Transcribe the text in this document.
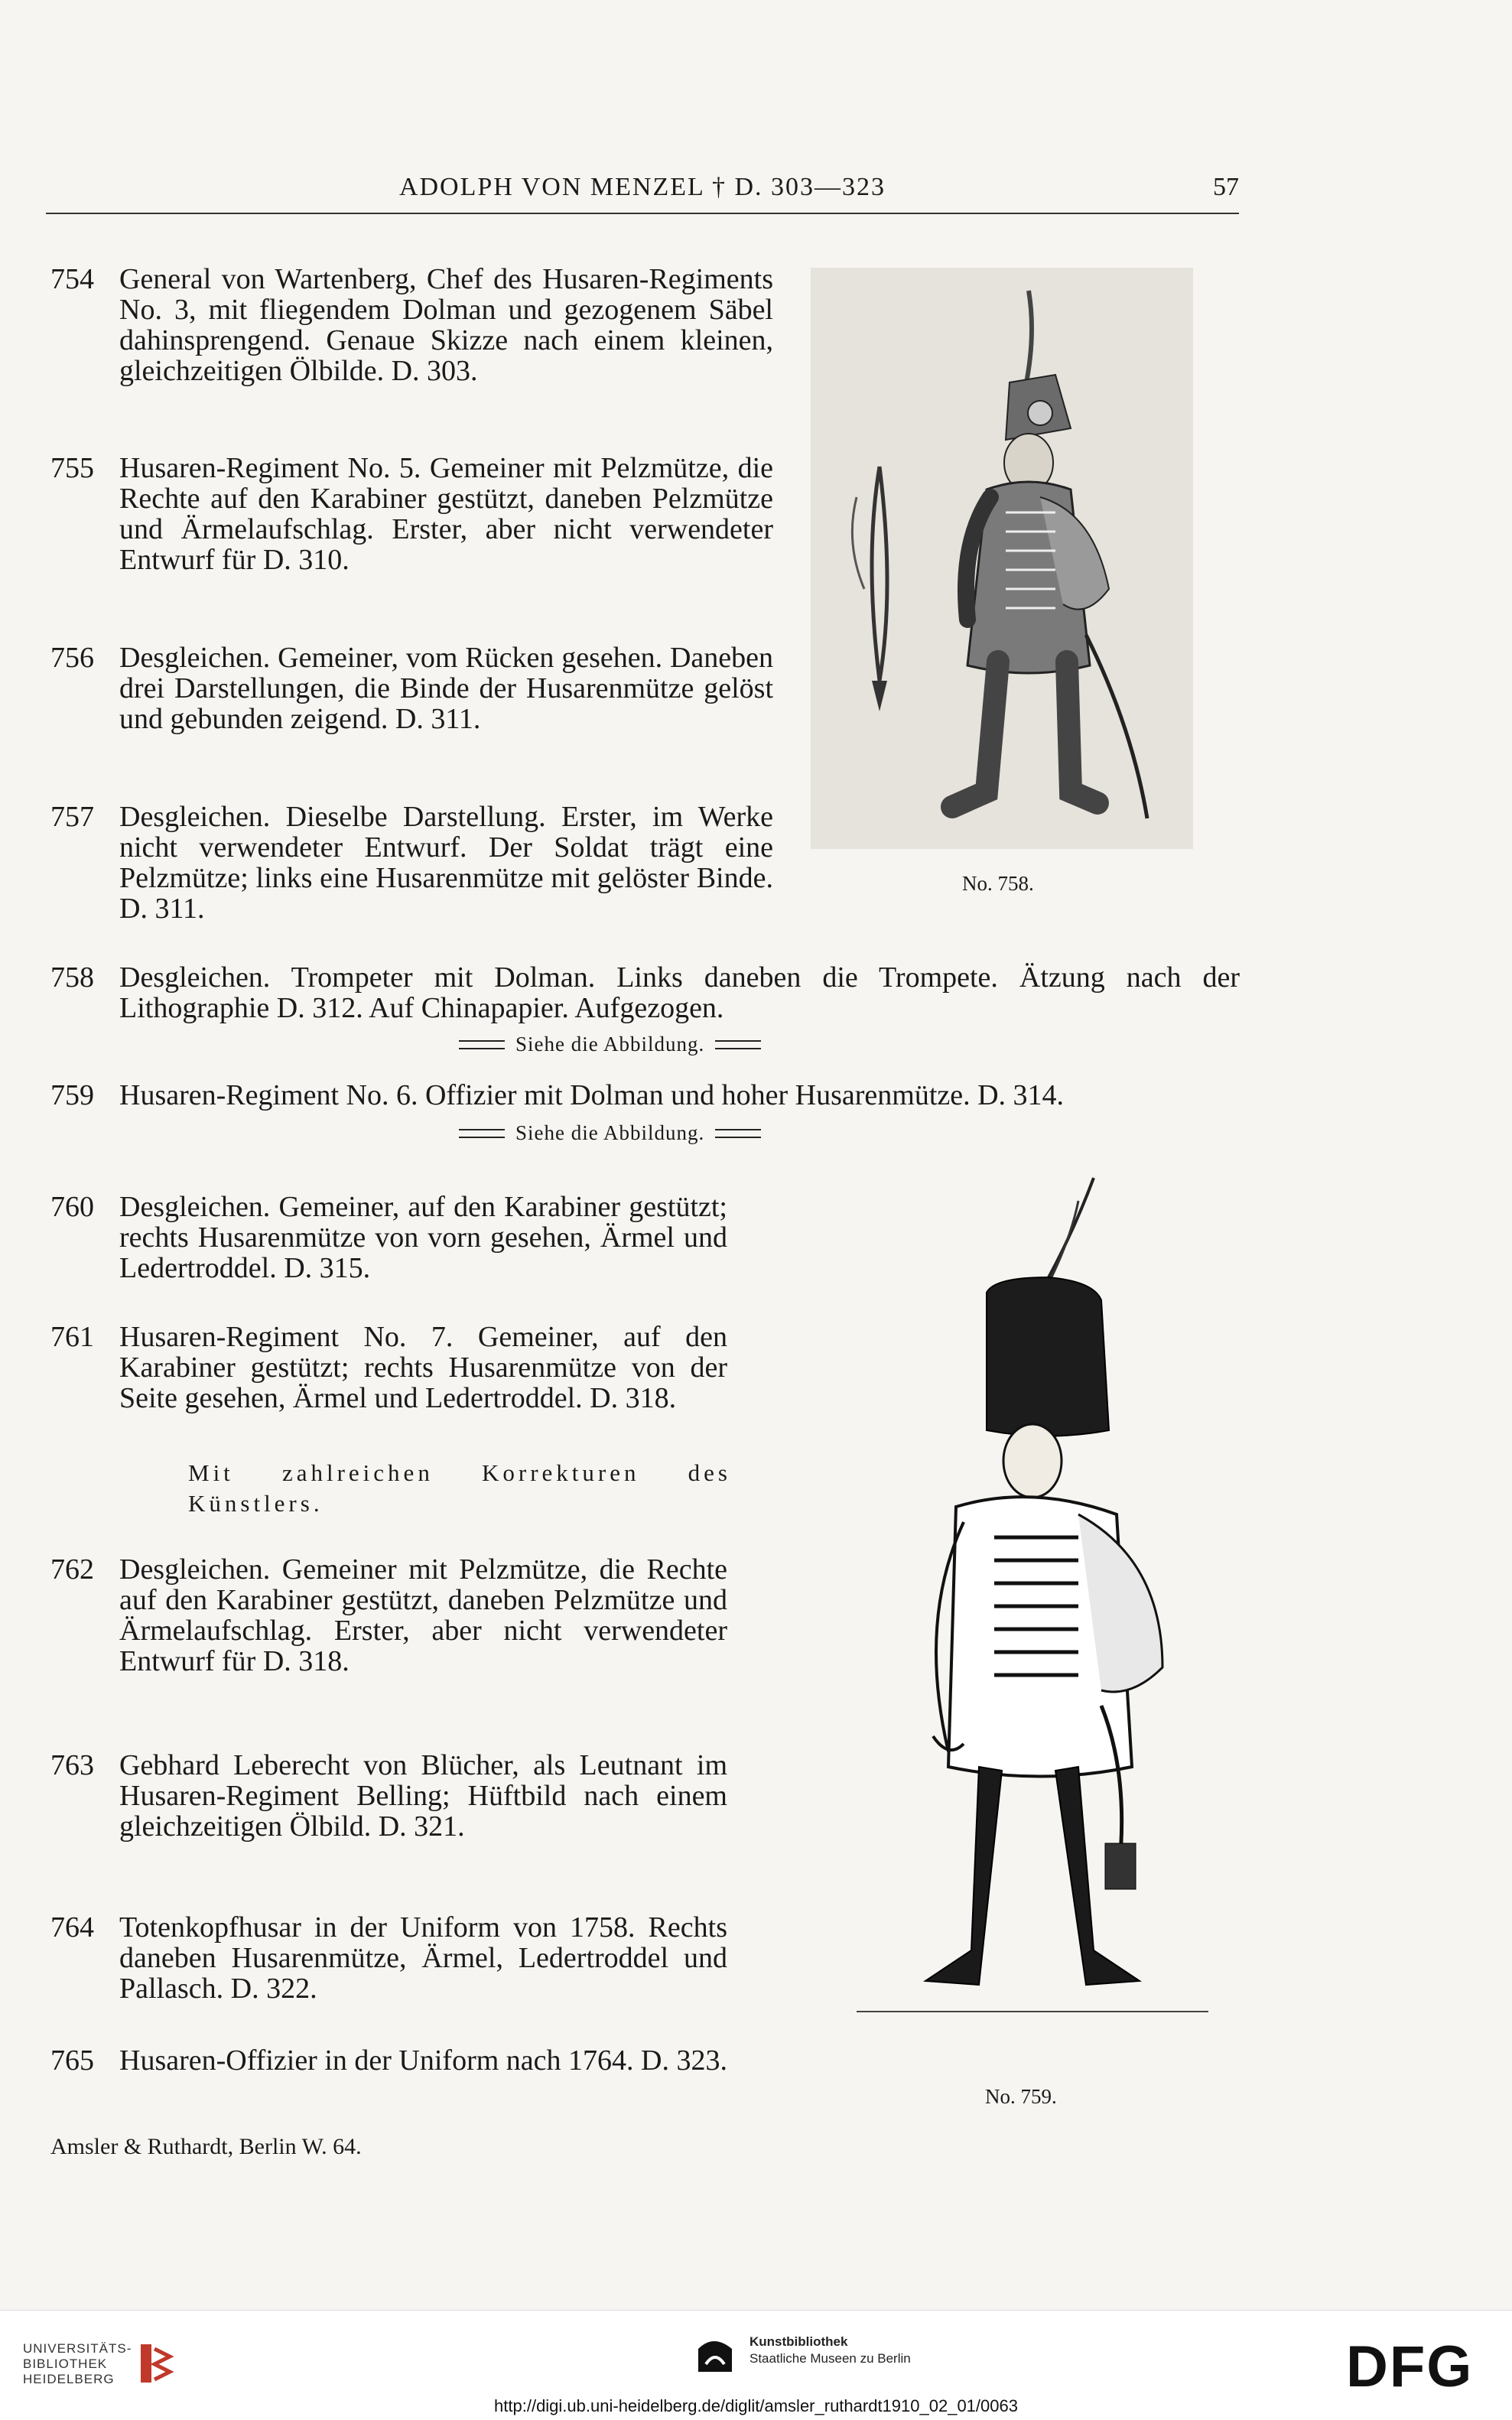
ADOLPH VON MENZEL † D. 303—323	57
754 General von Wartenberg, Chef des Husaren-Regiments No. 3, mit fliegendem Dolman und gezogenem Säbel dahinsprengend. Genaue Skizze nach einem kleinen, gleichzeitigen Ölbilde. D. 303.
755 Husaren-Regiment No. 5. Gemeiner mit Pelzmütze, die Rechte auf den Karabiner gestützt, daneben Pelzmütze und Ärmelaufschlag. Erster, aber nicht verwendeter Entwurf für D. 310.
756 Desgleichen. Gemeiner, vom Rücken gesehen. Daneben drei Darstellungen, die Binde der Husarenmütze gelöst und gebunden zeigend. D. 311.
757 Desgleichen. Dieselbe Darstellung. Erster, im Werke nicht verwendeter Entwurf. Der Soldat trägt eine Pelzmütze; links eine Husarenmütze mit gelöster Binde. D. 311.
758 Desgleichen. Trompeter mit Dolman. Links daneben die Trompete. Ätzung nach der Lithographie D. 312. Auf Chinapapier. Aufgezogen.
Siehe die Abbildung.
759 Husaren-Regiment No. 6. Offizier mit Dolman und hoher Husarenmütze. D. 314.
Siehe die Abbildung.
760 Desgleichen. Gemeiner, auf den Karabiner gestützt; rechts Husarenmütze von vorn gesehen, Ärmel und Ledertroddel. D. 315.
761 Husaren-Regiment No. 7. Gemeiner, auf den Karabiner gestützt; rechts Husarenmütze von der Seite gesehen, Ärmel und Ledertroddel. D. 318.
Mit zahlreichen Korrekturen des Künstlers.
762 Desgleichen. Gemeiner mit Pelzmütze, die Rechte auf den Karabiner gestützt, daneben Pelzmütze und Ärmelaufschlag. Erster, aber nicht verwendeter Entwurf für D. 318.
763 Gebhard Leberecht von Blücher, als Leutnant im Husaren-Regiment Belling; Hüftbild nach einem gleichzeitigen Ölbild. D. 321.
764 Totenkopfhusar in der Uniform von 1758. Rechts daneben Husarenmütze, Ärmel, Ledertroddel und Pallasch. D. 322.
765 Husaren-Offizier in der Uniform nach 1764. D. 323.
No. 758.
No. 759.
Amsler & Ruthardt, Berlin W. 64.
UNIVERSITÄTS-
BIBLIOTHEK
HEIDELBERG
Kunstbibliothek
Staatliche Museen zu Berlin	DFG
http://digi.ub.uni-heidelberg.de/diglit/amsler_ruthardt1910_02_01/0063
